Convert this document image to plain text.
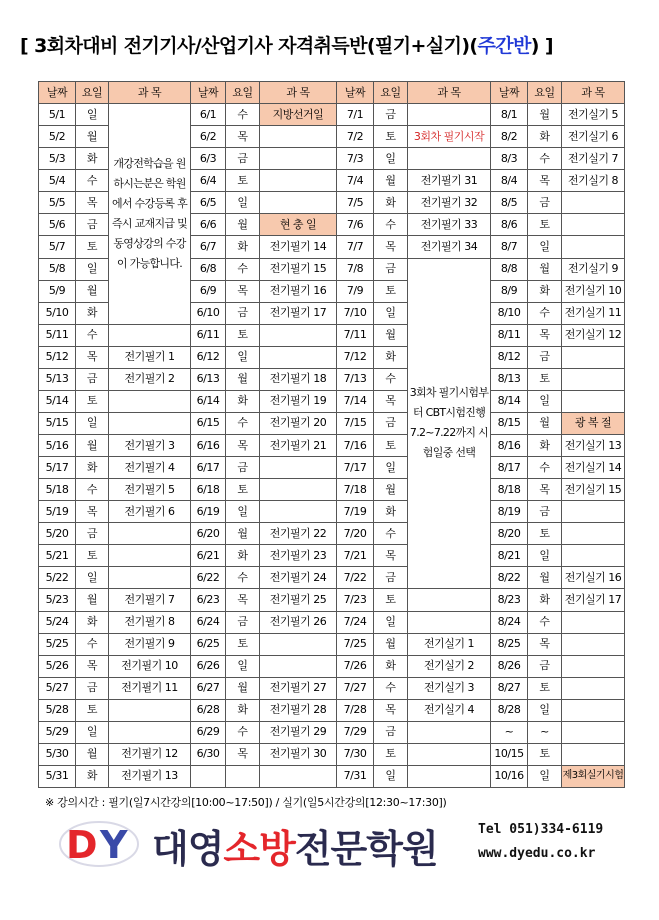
[ 3회차대비 전기기사/산업기사 자격취득반(필기+실기)(주간반) ]
날짜	요일	과 목	날짜	요일	과 목	날짜	요일	과 목	날짜	요일	과 목
5/1	일	개강전학습을 원하시는분은 학원에서 수강등록 후 즉시 교재지급 및 동영상강의 수강이 가능합니다.	6/1	수	지방선거일	7/1	금		8/1	월	전기실기 5
5/2	월		6/2	목		7/2	토	3회차 필기시작	8/2	화	전기실기 6
5/3	화		6/3	금		7/3	일		8/3	수	전기실기 7
5/4	수		6/4	토		7/4	월	전기필기 31	8/4	목	전기실기 8
5/5	목		6/5	일		7/5	화	전기필기 32	8/5	금	
5/6	금		6/6	월	현 충 일	7/6	수	전기필기 33	8/6	토	
5/7	토		6/7	화	전기필기 14	7/7	목	전기필기 34	8/7	일	
5/8	일		6/8	수	전기필기 15	7/8	금	3회차 필기시험부터 CBT시험진행 7.2~7.22까지 시험일중 선택	8/8	월	전기실기 9
5/9	월		6/9	목	전기필기 16	7/9	토		8/9	화	전기실기 10
5/10	화		6/10	금	전기필기 17	7/10	일		8/10	수	전기실기 11
5/11	수		6/11	토		7/11	월		8/11	목	전기실기 12
5/12	목	전기필기 1	6/12	일		7/12	화		8/12	금	
5/13	금	전기필기 2	6/13	월	전기필기 18	7/13	수		8/13	토	
5/14	토		6/14	화	전기필기 19	7/14	목		8/14	일	
5/15	일		6/15	수	전기필기 20	7/15	금		8/15	월	광 복 절
5/16	월	전기필기 3	6/16	목	전기필기 21	7/16	토		8/16	화	전기실기 13
5/17	화	전기필기 4	6/17	금		7/17	일		8/17	수	전기실기 14
5/18	수	전기필기 5	6/18	토		7/18	월		8/18	목	전기실기 15
5/19	목	전기필기 6	6/19	일		7/19	화		8/19	금	
5/20	금		6/20	월	전기필기 22	7/20	수		8/20	토	
5/21	토		6/21	화	전기필기 23	7/21	목		8/21	일	
5/22	일		6/22	수	전기필기 24	7/22	금		8/22	월	전기실기 16
5/23	월	전기필기 7	6/23	목	전기필기 25	7/23	토		8/23	화	전기실기 17
5/24	화	전기필기 8	6/24	금	전기필기 26	7/24	일		8/24	수	
5/25	수	전기필기 9	6/25	토		7/25	월	전기실기 1	8/25	목	
5/26	목	전기필기 10	6/26	일		7/26	화	전기실기 2	8/26	금	
5/27	금	전기필기 11	6/27	월	전기필기 27	7/27	수	전기실기 3	8/27	토	
5/28	토		6/28	화	전기필기 28	7/28	목	전기실기 4	8/28	일	
5/29	일		6/29	수	전기필기 29	7/29	금		~	~	
5/30	월	전기필기 12	6/30	목	전기필기 30	7/30	토		10/15	토	
5/31	화	전기필기 13				7/31	일		10/16	일	제3회실기시험
※ 강의시간 : 필기(일7시간강의[10:00~17:50]) / 실기(일5시간강의[12:30~17:30])
D Y 대영소방전문학원	Tel 051)334-6119
www.dyedu.co.kr
